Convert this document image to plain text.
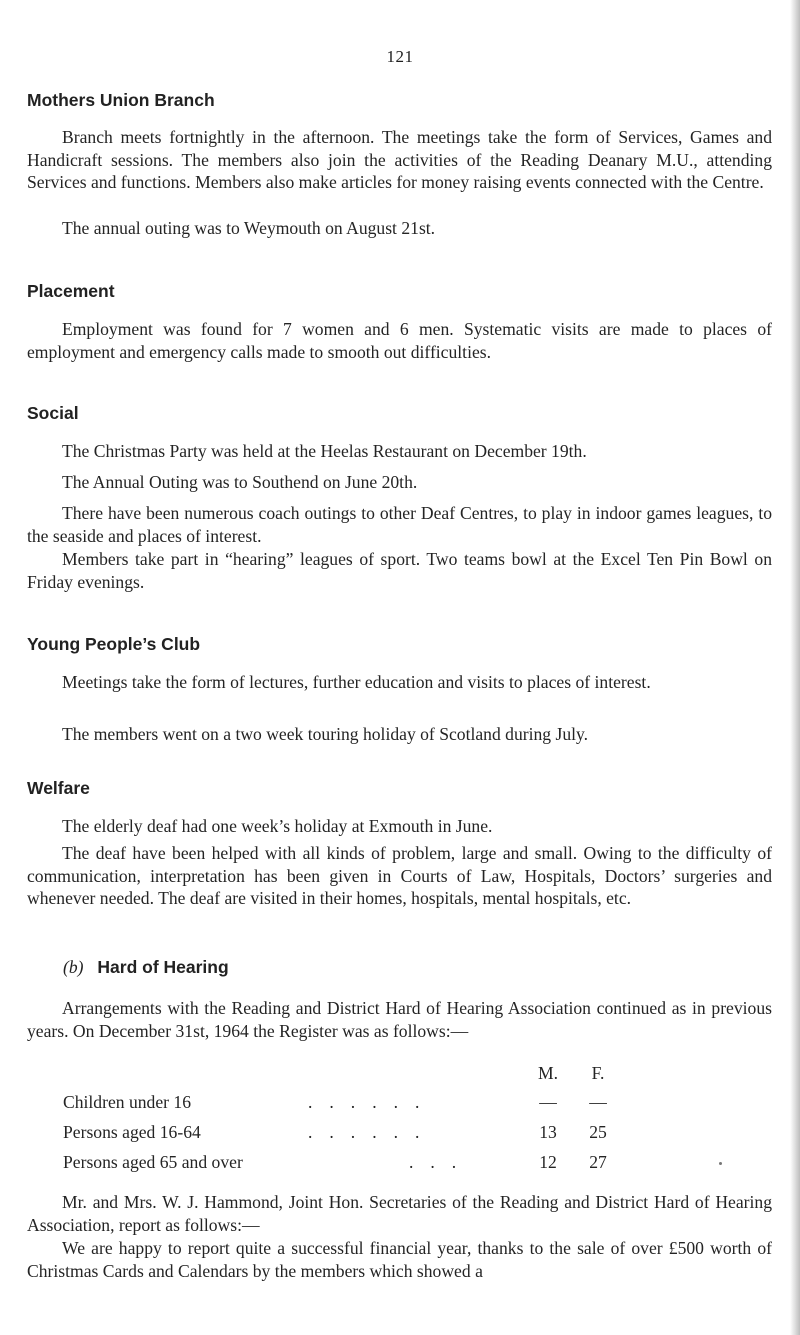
121
Mothers Union Branch
Branch meets fortnightly in the afternoon. The meetings take the form of Services, Games and Handicraft sessions. The members also join the activities of the Reading Deanary M.U., attending Services and functions. Members also make articles for money raising events connected with the Centre.
The annual outing was to Weymouth on August 21st.
Placement
Employment was found for 7 women and 6 men. Systematic visits are made to places of employment and emergency calls made to smooth out difficulties.
Social
The Christmas Party was held at the Heelas Restaurant on December 19th.
The Annual Outing was to Southend on June 20th.
There have been numerous coach outings to other Deaf Centres, to play in indoor games leagues, to the seaside and places of interest.
Members take part in “hearing” leagues of sport. Two teams bowl at the Excel Ten Pin Bowl on Friday evenings.
Young People’s Club
Meetings take the form of lectures, further education and visits to places of interest.
The members went on a two week touring holiday of Scotland during July.
Welfare
The elderly deaf had one week’s holiday at Exmouth in June.
The deaf have been helped with all kinds of problem, large and small. Owing to the difficulty of communication, interpretation has been given in Courts of Law, Hospitals, Doctors’ surgeries and whenever needed. The deaf are visited in their homes, hospitals, mental hospitals, etc.
(b) Hard of Hearing
Arrangements with the Reading and District Hard of Hearing Association continued as in previous years. On December 31st, 1964 the Register was as follows:—
M.	F.
Children under 16	......	—	—
Persons aged 16-64	......	13	25
Persons aged 65 and over	...	12	27
Mr. and Mrs. W. J. Hammond, Joint Hon. Secretaries of the Reading and District Hard of Hearing Association, report as follows:—
We are happy to report quite a successful financial year, thanks to the sale of over £500 worth of Christmas Cards and Calendars by the members which showed a
